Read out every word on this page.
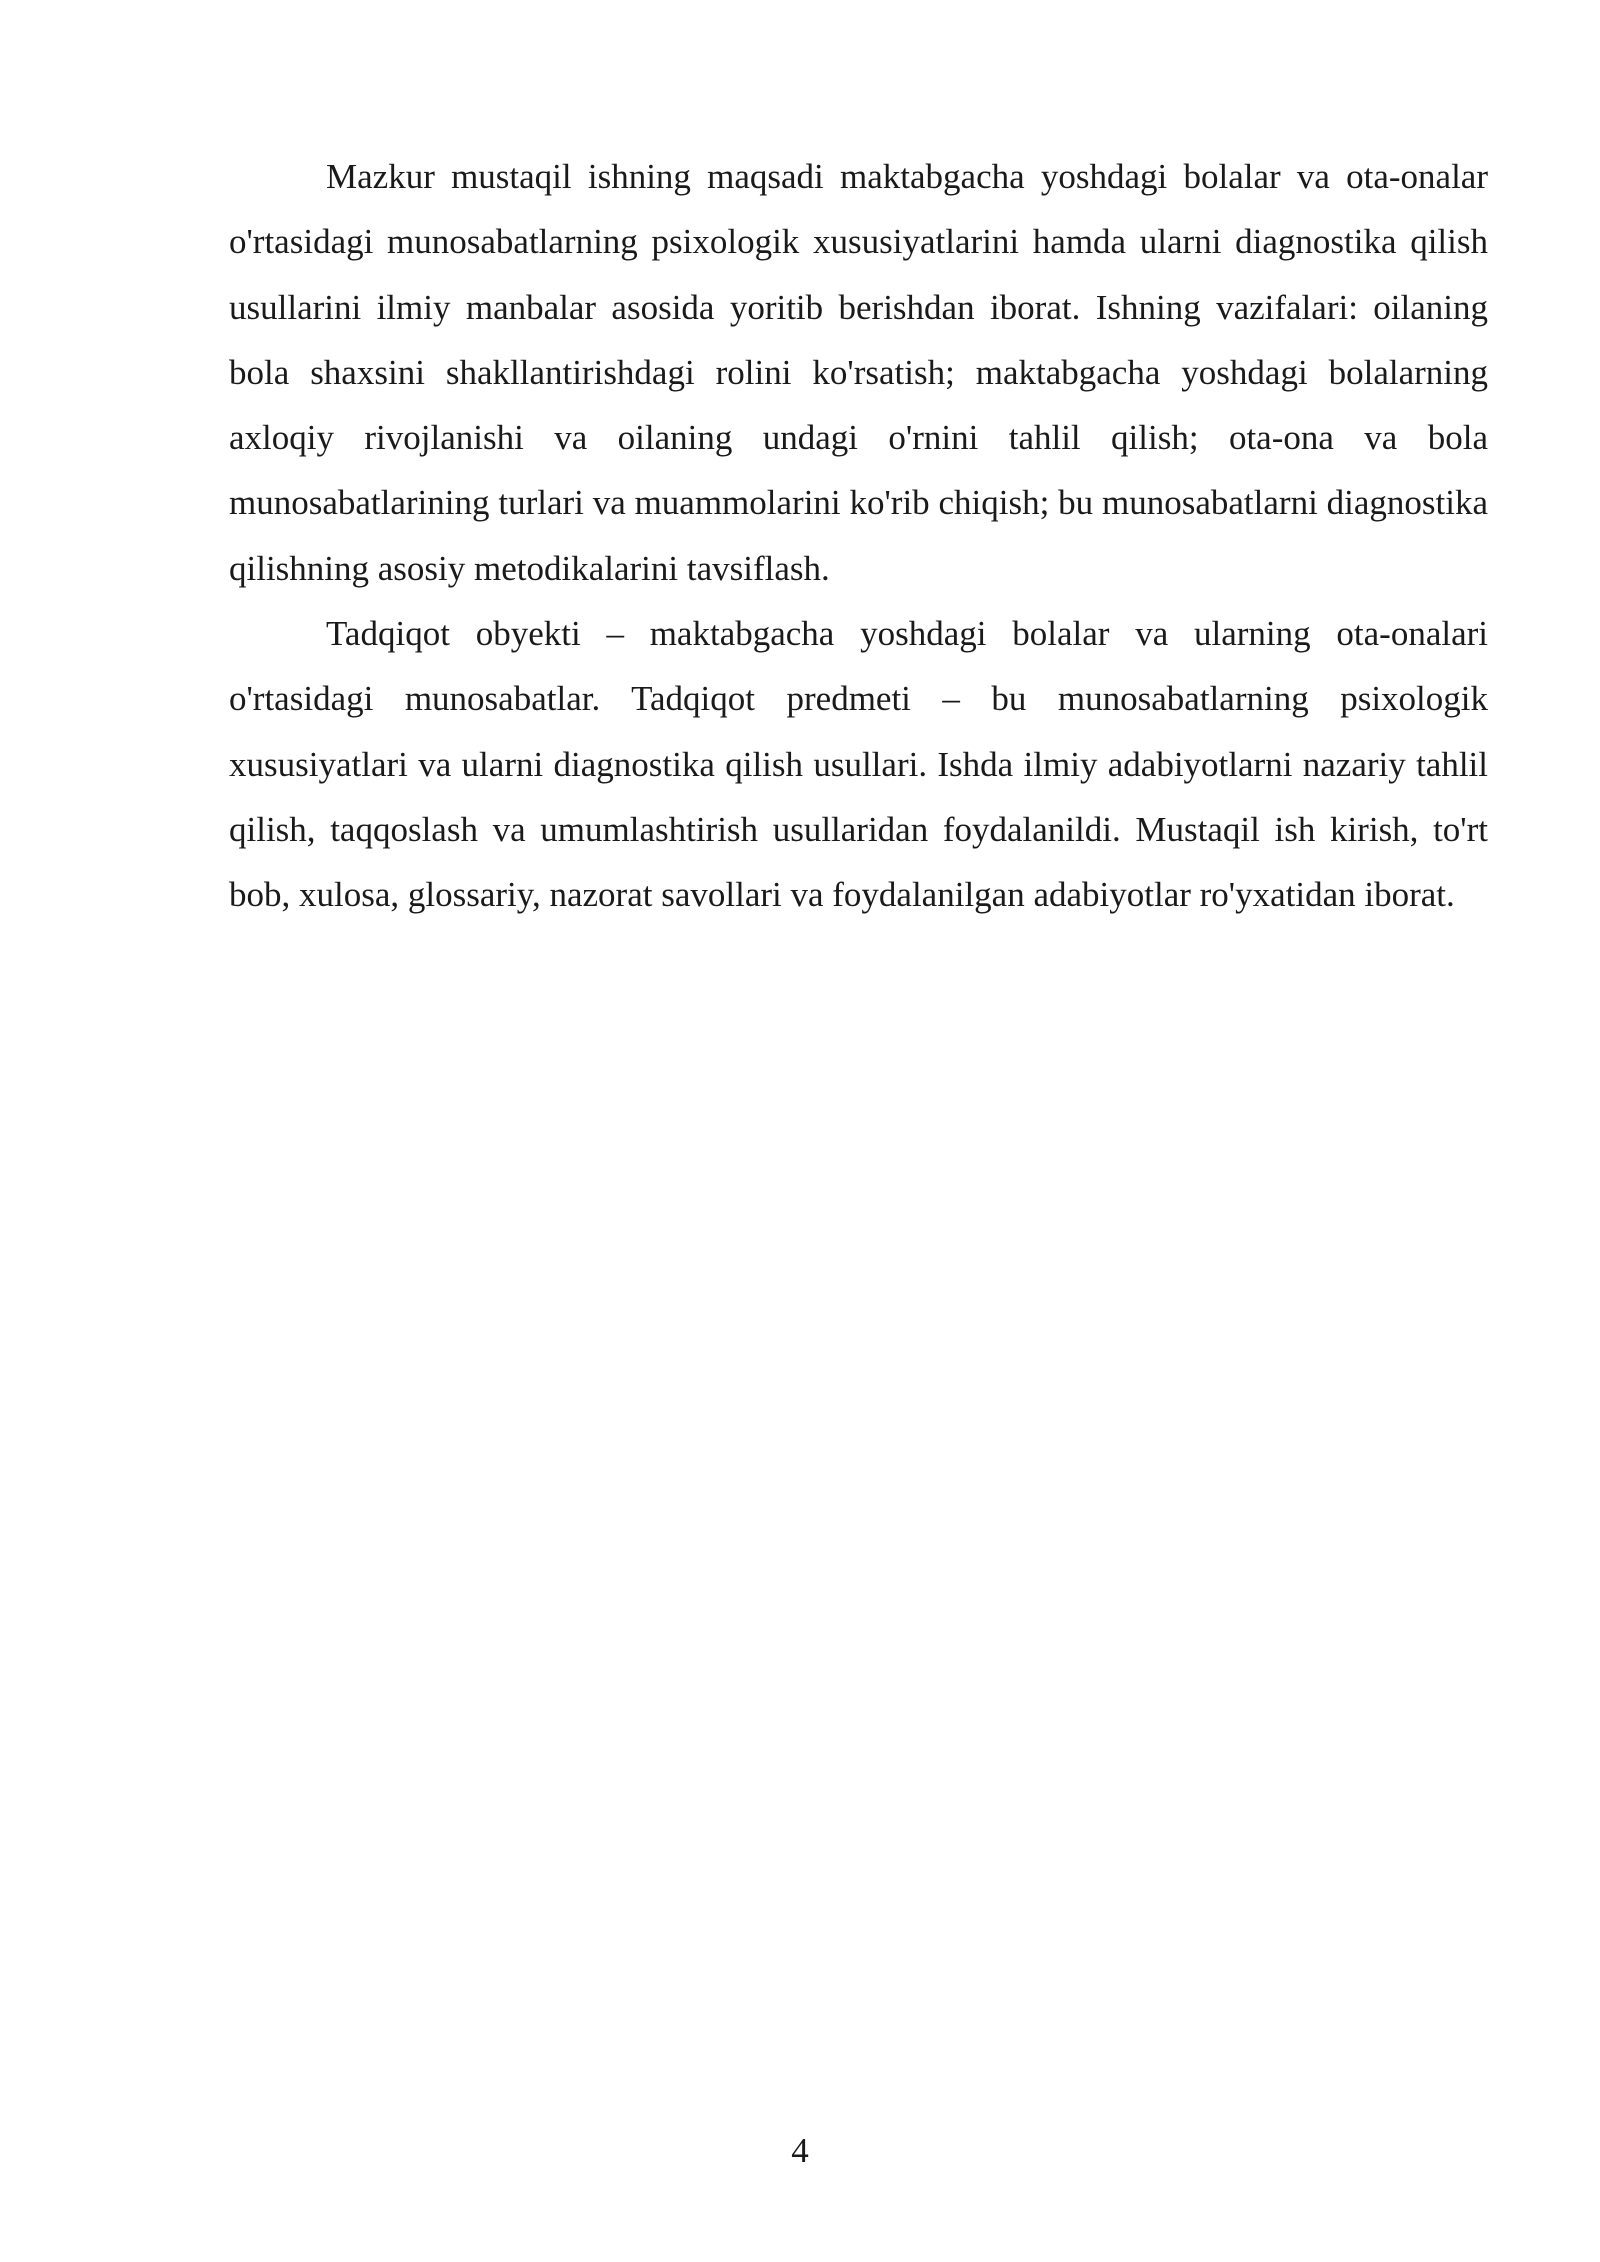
Mazkur mustaqil ishning maqsadi maktabgacha yoshdagi bolalar va ota-onalar o'rtasidagi munosabatlarning psixologik xususiyatlarini hamda ularni diagnostika qilish usullarini ilmiy manbalar asosida yoritib berishdan iborat. Ishning vazifalari: oilaning bola shaxsini shakllantirishdagi rolini ko'rsatish; maktabgacha yoshdagi bolalarning axloqiy rivojlanishi va oilaning undagi o'rnini tahlil qilish; ota-ona va bola munosabatlarining turlari va muammolarini ko'rib chiqish; bu munosabatlarni diagnostika qilishning asosiy metodikalarini tavsiflash.

Tadqiqot obyekti – maktabgacha yoshdagi bolalar va ularning ota-onalari o'rtasidagi munosabatlar. Tadqiqot predmeti – bu munosabatlarning psixologik xususiyatlari va ularni diagnostika qilish usullari. Ishda ilmiy adabiyotlarni nazariy tahlil qilish, taqqoslash va umumlashtirish usullaridan foydalanildi. Mustaqil ish kirish, to'rt bob, xulosa, glossariy, nazorat savollari va foydalanilgan adabiyotlar ro'yxatidan iborat.

4
